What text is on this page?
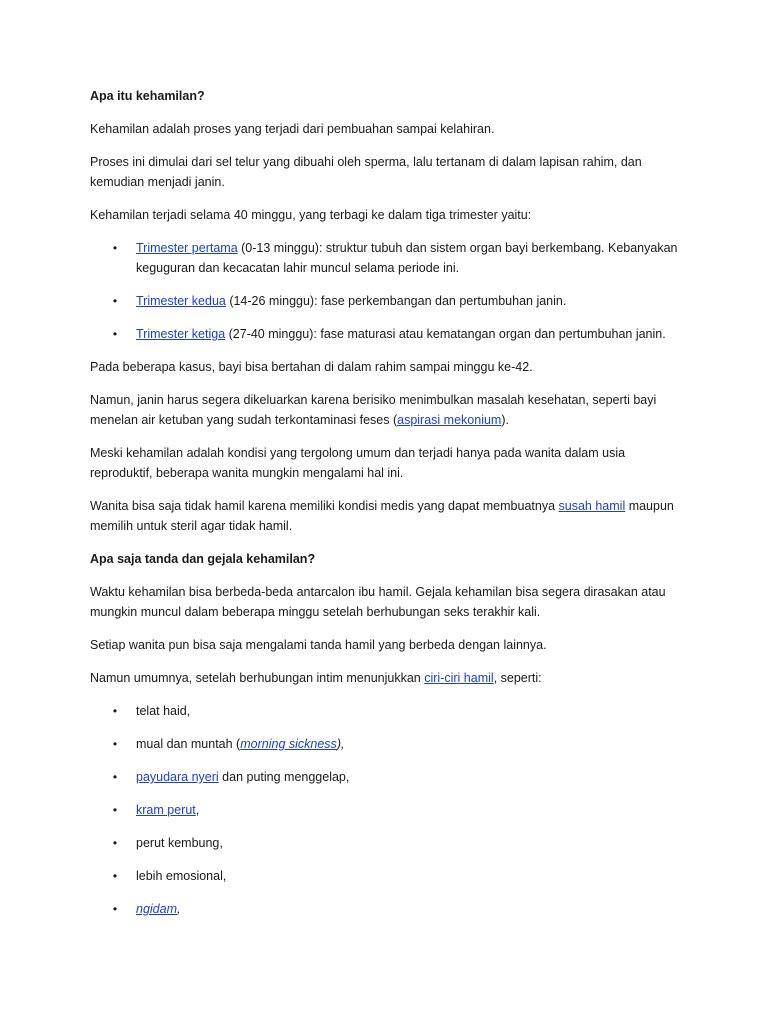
Apa itu kehamilan?
Kehamilan adalah proses yang terjadi dari pembuahan sampai kelahiran.
Proses ini dimulai dari sel telur yang dibuahi oleh sperma, lalu tertanam di dalam lapisan rahim, dan kemudian menjadi janin.
Kehamilan terjadi selama 40 minggu, yang terbagi ke dalam tiga trimester yaitu:
• Trimester pertama (0-13 minggu): struktur tubuh dan sistem organ bayi berkembang. Kebanyakan keguguran dan kecacatan lahir muncul selama periode ini.
• Trimester kedua (14-26 minggu): fase perkembangan dan pertumbuhan janin.
• Trimester ketiga (27-40 minggu): fase maturasi atau kematangan organ dan pertumbuhan janin.
Pada beberapa kasus, bayi bisa bertahan di dalam rahim sampai minggu ke-42.
Namun, janin harus segera dikeluarkan karena berisiko menimbulkan masalah kesehatan, seperti bayi menelan air ketuban yang sudah terkontaminasi feses (aspirasi mekonium).
Meski kehamilan adalah kondisi yang tergolong umum dan terjadi hanya pada wanita dalam usia reproduktif, beberapa wanita mungkin mengalami hal ini.
Wanita bisa saja tidak hamil karena memiliki kondisi medis yang dapat membuatnya susah hamil maupun memilih untuk steril agar tidak hamil.
Apa saja tanda dan gejala kehamilan?
Waktu kehamilan bisa berbeda-beda antarcalon ibu hamil. Gejala kehamilan bisa segera dirasakan atau mungkin muncul dalam beberapa minggu setelah berhubungan seks terakhir kali.
Setiap wanita pun bisa saja mengalami tanda hamil yang berbeda dengan lainnya.
Namun umumnya, setelah berhubungan intim menunjukkan ciri-ciri hamil, seperti:
• telat haid,
• mual dan muntah (morning sickness),
• payudara nyeri dan puting menggelap,
• kram perut,
• perut kembung,
• lebih emosional,
• ngidam,
